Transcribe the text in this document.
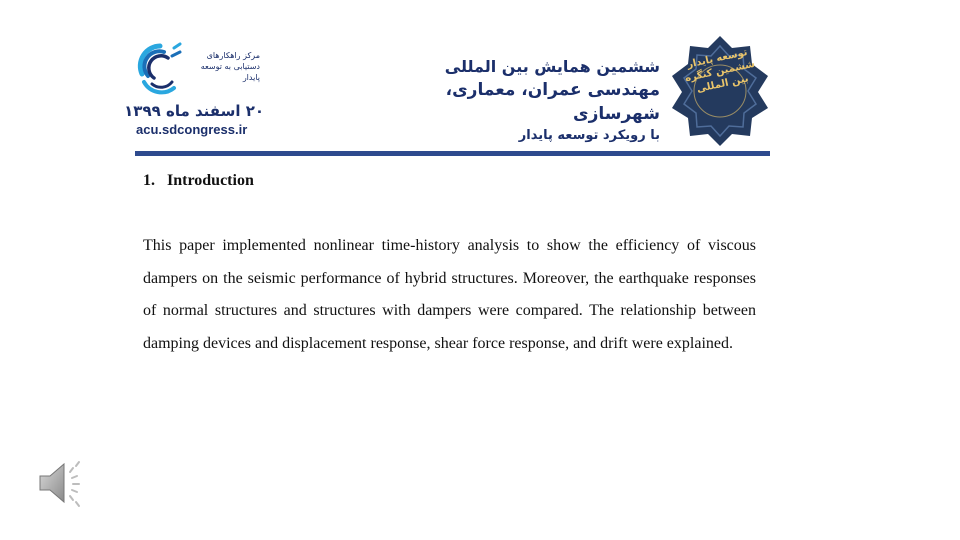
مرکز راهکارهای
دستیابی به توسعه پایدار
۲۰ اسفند ماه ۱۳۹۹
acu.sdcongress.ir
ششمین همایش بین المللی
مهندسی عمران، معماری، شهرسازی
با رویکرد توسعه پایدار
توسعه پایدار ششمین کنگره بین المللی
1. Introduction

This paper implemented nonlinear time-history analysis to show the efficiency of viscous dampers on the seismic performance of hybrid structures. Moreover, the earthquake responses of normal structures and structures with dampers were compared. The relationship between damping devices and displacement response, shear force response, and drift were explained.
